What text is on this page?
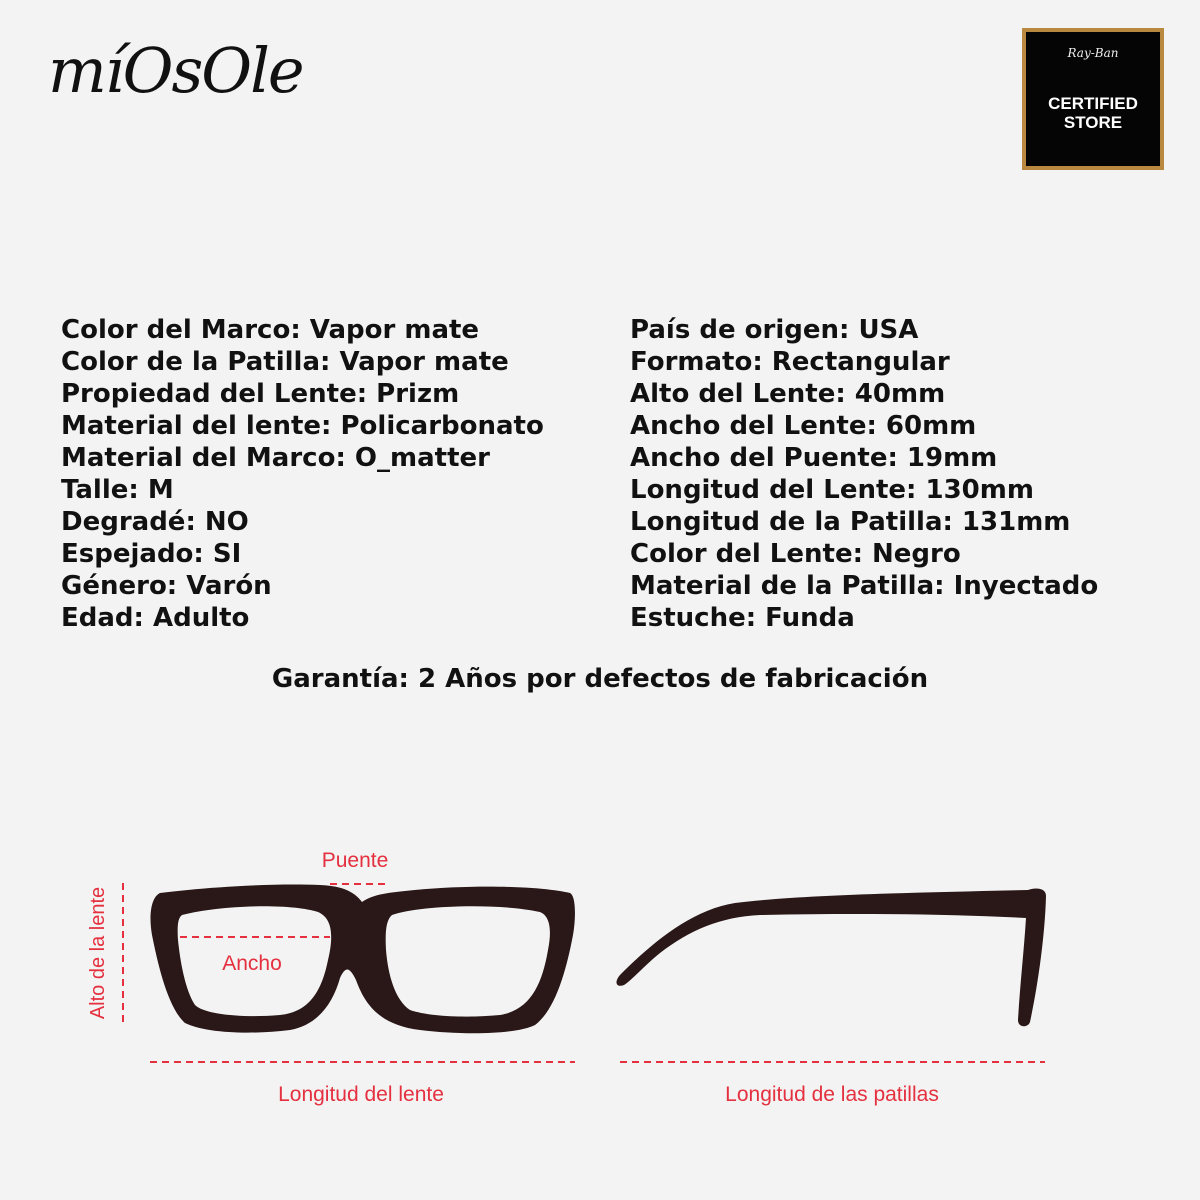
míOsOle	Ray-Ban
CERTIFIED
STORE
Color del Marco: Vapor mate
Color de la Patilla: Vapor mate
Propiedad del Lente: Prizm
Material del lente: Policarbonato
Material del Marco: O_matter
Talle: M
Degradé: NO
Espejado: SI
Género: Varón
Edad: Adulto
País de origen: USA
Formato: Rectangular
Alto del Lente: 40mm
Ancho del Lente: 60mm
Ancho del Puente: 19mm
Longitud del Lente: 130mm
Longitud de la Patilla: 131mm
Color del Lente: Negro
Material de la Patilla: Inyectado
Estuche: Funda
Garantía: 2 Años por defectos de fabricación
Puente
Ancho
Alto de la lente
Longitud del lente	Longitud de las patillas
